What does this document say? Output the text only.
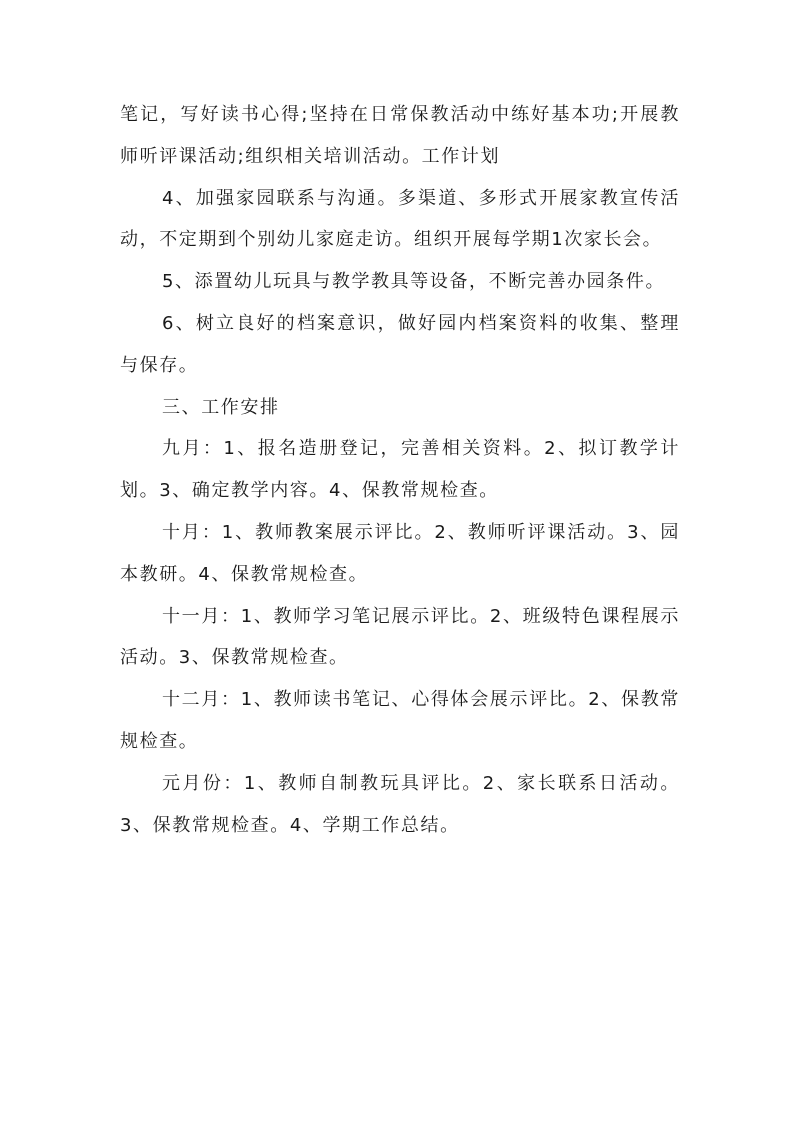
笔记，写好读书心得;坚持在日常保教活动中练好基本功;开展教师听评课活动;组织相关培训活动。工作计划

4、加强家园联系与沟通。多渠道、多形式开展家教宣传活动，不定期到个别幼儿家庭走访。组织开展每学期1次家长会。

5、添置幼儿玩具与教学教具等设备，不断完善办园条件。

6、树立良好的档案意识，做好园内档案资料的收集、整理与保存。

三、工作安排

九月：1、报名造册登记，完善相关资料。2、拟订教学计划。3、确定教学内容。4、保教常规检查。

十月：1、教师教案展示评比。2、教师听评课活动。3、园本教研。4、保教常规检查。

十一月：1、教师学习笔记展示评比。2、班级特色课程展示活动。3、保教常规检查。

十二月：1、教师读书笔记、心得体会展示评比。2、保教常规检查。

元月份：1、教师自制教玩具评比。2、家长联系日活动。3、保教常规检查。4、学期工作总结。
